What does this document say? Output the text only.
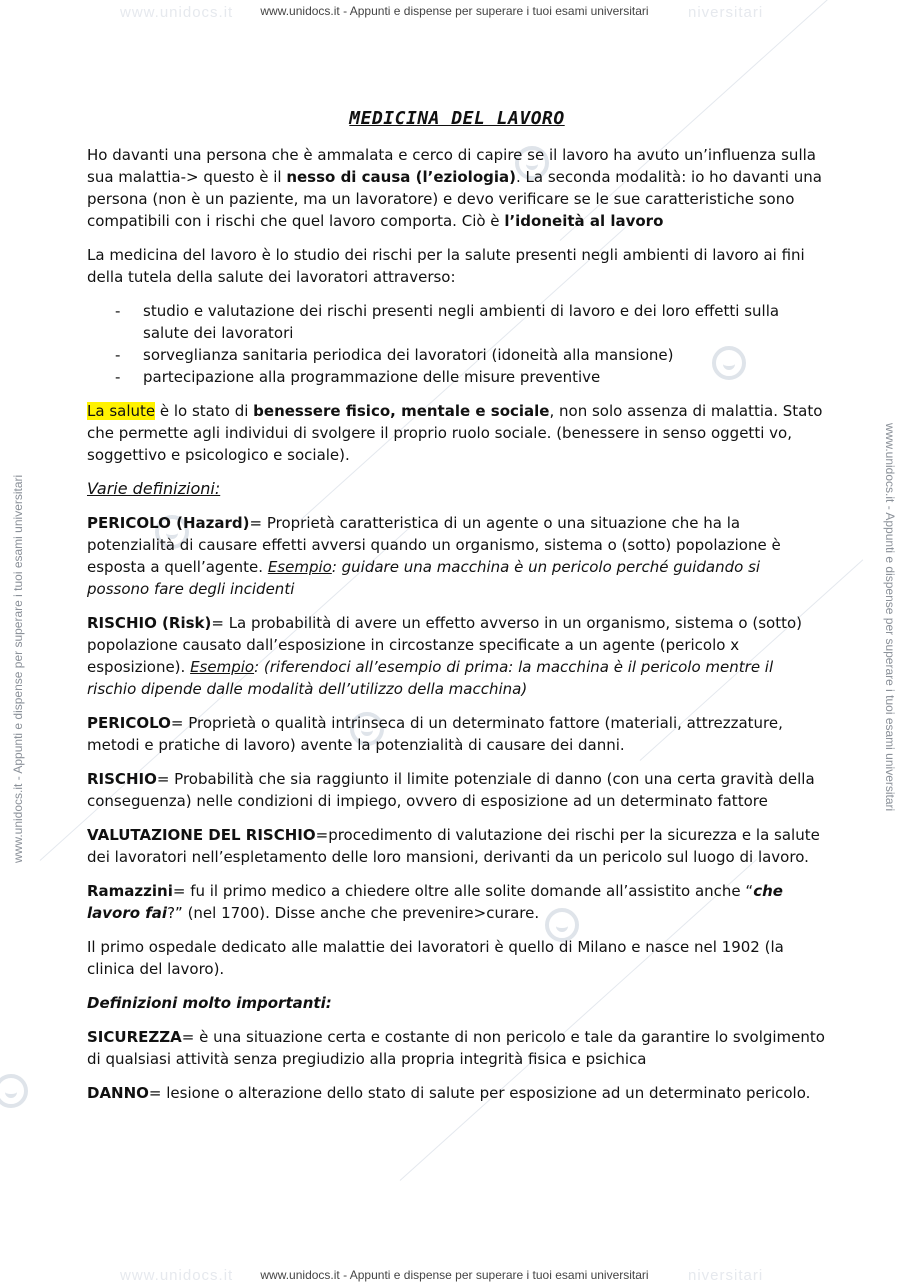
www.unidocs.it	niversitari
www.unidocs.it	niversitari
www.unidocs.it - Appunti e dispense per superare i tuoi esami universitari
www.unidocs.it - Appunti e dispense per superare i tuoi esami universitari
www.unidocs.it - Appunti e dispense per superare i tuoi esami universitari	www.unidocs.it - Appunti e dispense per superare i tuoi esami universitari
MEDICINA DEL LAVORO

Ho davanti una persona che è ammalata e cerco di capire se il lavoro ha avuto un’influenza sulla sua malattia-> questo è il nesso di causa (l’eziologia). La seconda modalità: io ho davanti una persona (non è un paziente, ma un lavoratore) e devo verificare se le sue caratteristiche sono compatibili con i rischi che quel lavoro comporta. Ciò è l’idoneità al lavoro

La medicina del lavoro è lo studio dei rischi per la salute presenti negli ambienti di lavoro ai fini della tutela della salute dei lavoratori attraverso:

- studio e valutazione dei rischi presenti negli ambienti di lavoro e dei loro effetti sulla salute dei lavoratori
- sorveglianza sanitaria periodica dei lavoratori (idoneità alla mansione)
- partecipazione alla programmazione delle misure preventive

La salute è lo stato di benessere fisico, mentale e sociale, non solo assenza di malattia. Stato che permette agli individui di svolgere il proprio ruolo sociale. (benessere in senso oggetti vo, soggettivo e psicologico e sociale).

Varie definizioni:

PERICOLO (Hazard)= Proprietà caratteristica di un agente o una situazione che ha la potenzialità di causare effetti avversi quando un organismo, sistema o (sotto) popolazione è esposta a quell’agente. Esempio: guidare una macchina è un pericolo perché guidando si possono fare degli incidenti

RISCHIO (Risk)= La probabilità di avere un effetto avverso in un organismo, sistema o (sotto) popolazione causato dall’esposizione in circostanze specificate a un agente (pericolo x esposizione). Esempio: (riferendoci all’esempio di prima: la macchina è il pericolo mentre il rischio dipende dalle modalità dell’utilizzo della macchina)

PERICOLO= Proprietà o qualità intrinseca di un determinato fattore (materiali, attrezzature, metodi e pratiche di lavoro) avente la potenzialità di causare dei danni.

RISCHIO= Probabilità che sia raggiunto il limite potenziale di danno (con una certa gravità della conseguenza) nelle condizioni di impiego, ovvero di esposizione ad un determinato fattore

VALUTAZIONE DEL RISCHIO=procedimento di valutazione dei rischi per la sicurezza e la salute dei lavoratori nell’espletamento delle loro mansioni, derivanti da un pericolo sul luogo di lavoro.

Ramazzini= fu il primo medico a chiedere oltre alle solite domande all’assistito anche “che lavoro fai?” (nel 1700). Disse anche che prevenire>curare.

Il primo ospedale dedicato alle malattie dei lavoratori è quello di Milano e nasce nel 1902 (la clinica del lavoro).

Definizioni molto importanti:

SICUREZZA= è una situazione certa e costante di non pericolo e tale da garantire lo svolgimento di qualsiasi attività senza pregiudizio alla propria integrità fisica e psichica

DANNO= lesione o alterazione dello stato di salute per esposizione ad un determinato pericolo.
